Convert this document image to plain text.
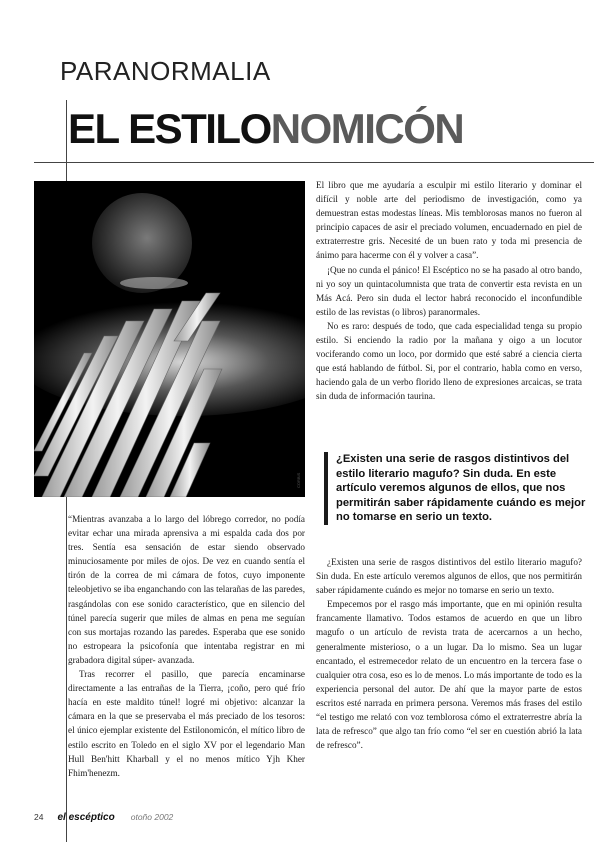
PARANORMALIA
EL ESTILONOMICÓN
CORBIS

“Mientras avanzaba a lo largo del lóbrego corredor, no podía evitar echar una mirada aprensiva a mi espalda cada dos por tres. Sentía esa sensación de estar siendo observado minuciosamente por miles de ojos. De vez en cuando sentía el tirón de la correa de mi cámara de fotos, cuyo imponente teleobjetivo se iba enganchando con las telarañas de las paredes, rasgándolas con ese sonido característico, que en silencio del túnel parecía sugerir que miles de almas en pena me seguían con sus mortajas rozando las paredes. Esperaba que ese sonido no estropeara la psicofonía que intentaba registrar en mi grabadora digital súper- avanzada.

Tras recorrer el pasillo, que parecía encaminarse directamente a las entrañas de la Tierra, ¡coño, pero qué frío hacía en este maldito túnel! logré mi objetivo: alcanzar la cámara en la que se preservaba el más preciado de los tesoros: el único ejemplar existente del Estilonomicón, el mítico libro de estilo escrito en Toledo en el siglo XV por el legendario Man Hull Ben'hitt Kharball y el no menos mítico Yjh Kher Fhim'henezm.

El libro que me ayudaría a esculpir mi estilo literario y dominar el difícil y noble arte del periodismo de investigación, como ya demuestran estas modestas líneas. Mis temblorosas manos no fueron al principio capaces de asir el preciado volumen, encuadernado en piel de extraterrestre gris. Necesité de un buen rato y toda mi presencia de ánimo para hacerme con él y volver a casa”.

¡Que no cunda el pánico! El Escéptico no se ha pasado al otro bando, ni yo soy un quintacolumnista que trata de convertir esta revista en un Más Acá. Pero sin duda el lector habrá reconocido el inconfundible estilo de las revistas (o libros) paranormales.

No es raro: después de todo, que cada especialidad tenga su propio estilo. Si enciendo la radio por la mañana y oigo a un locutor vociferando como un loco, por dormido que esté sabré a ciencia cierta que está hablando de fútbol. Si, por el contrario, habla como en verso, haciendo gala de un verbo florido lleno de expresiones arcaicas, se trata sin duda de información taurina.

¿Existen una serie de rasgos distintivos del estilo literario magufo? Sin duda. En este artículo veremos algunos de ellos, que nos permitirán saber rápidamente cuándo es mejor no tomarse en serio un texto.

¿Existen una serie de rasgos distintivos del estilo literario magufo? Sin duda. En este artículo veremos algunos de ellos, que nos permitirán saber rápidamente cuándo es mejor no tomarse en serio un texto.

Empecemos por el rasgo más importante, que en mi opinión resulta francamente llamativo. Todos estamos de acuerdo en que un libro magufo o un artículo de revista trata de acercarnos a un hecho, generalmente misterioso, o a un lugar. Da lo mismo. Sea un lugar encantado, el estremecedor relato de un encuentro en la tercera fase o cualquier otra cosa, eso es lo de menos. Lo más importante de todo es la experiencia personal del autor. De ahí que la mayor parte de estos escritos esté narrada en primera persona. Veremos más frases del estilo “el testigo me relató con voz temblorosa cómo el extraterrestre abría la lata de refresco” que algo tan frío como “el ser en cuestión abrió la lata de refresco”.

24 el escéptico otoño 2002
